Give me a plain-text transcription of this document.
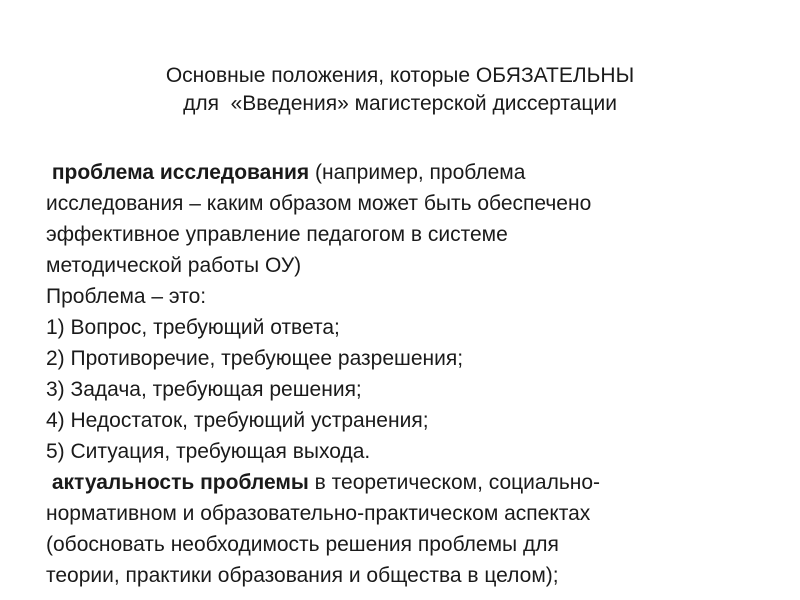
Основные положения, которые ОБЯЗАТЕЛЬНЫ
для  «Введения» магистерской диссертации
проблема исследования (например, проблема
исследования – каким образом может быть обеспечено
эффективное управление педагогом в системе
методической работы ОУ)
Проблема – это:
1) Вопрос, требующий ответа;
2) Противоречие, требующее разрешения;
3) Задача, требующая решения;
4) Недостаток, требующий устранения;
5) Ситуация, требующая выхода.
актуальность проблемы в теоретическом, социально-
нормативном и образовательно-практическом аспектах
(обосновать необходимость решения проблемы для
теории, практики образования и общества в целом);
